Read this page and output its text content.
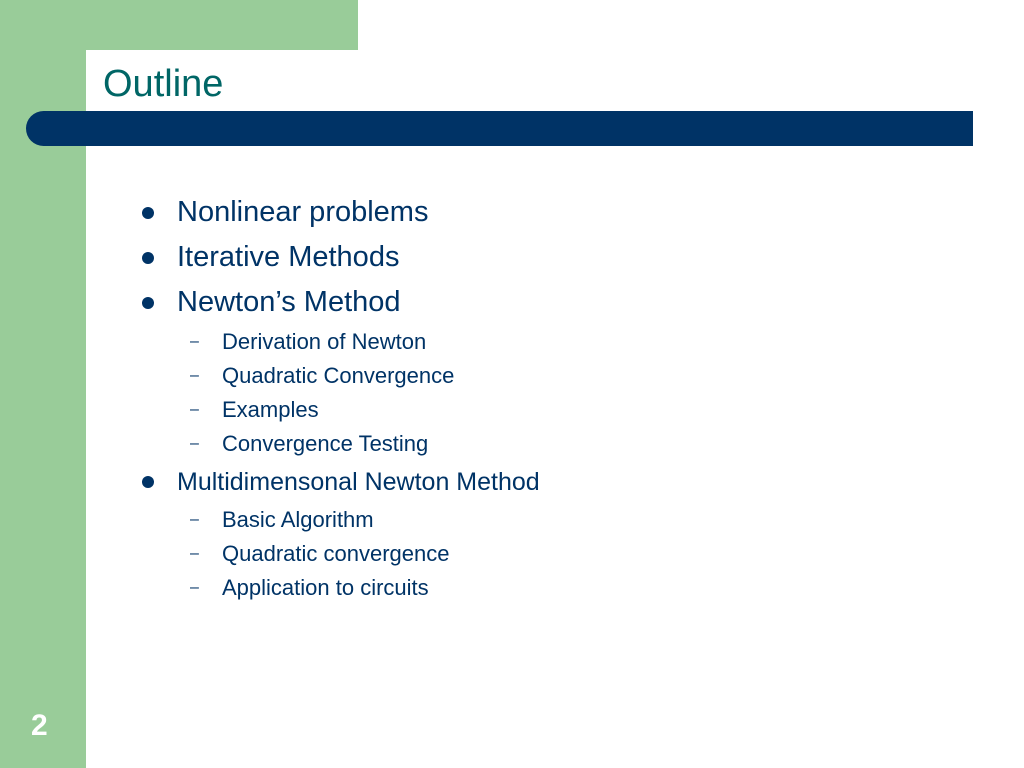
Outline
Nonlinear problems
Iterative Methods
Newton’s Method
– Derivation of Newton
– Quadratic Convergence
– Examples
– Convergence Testing
Multidimensonal Newton Method
– Basic Algorithm
– Quadratic convergence
– Application to circuits
2
